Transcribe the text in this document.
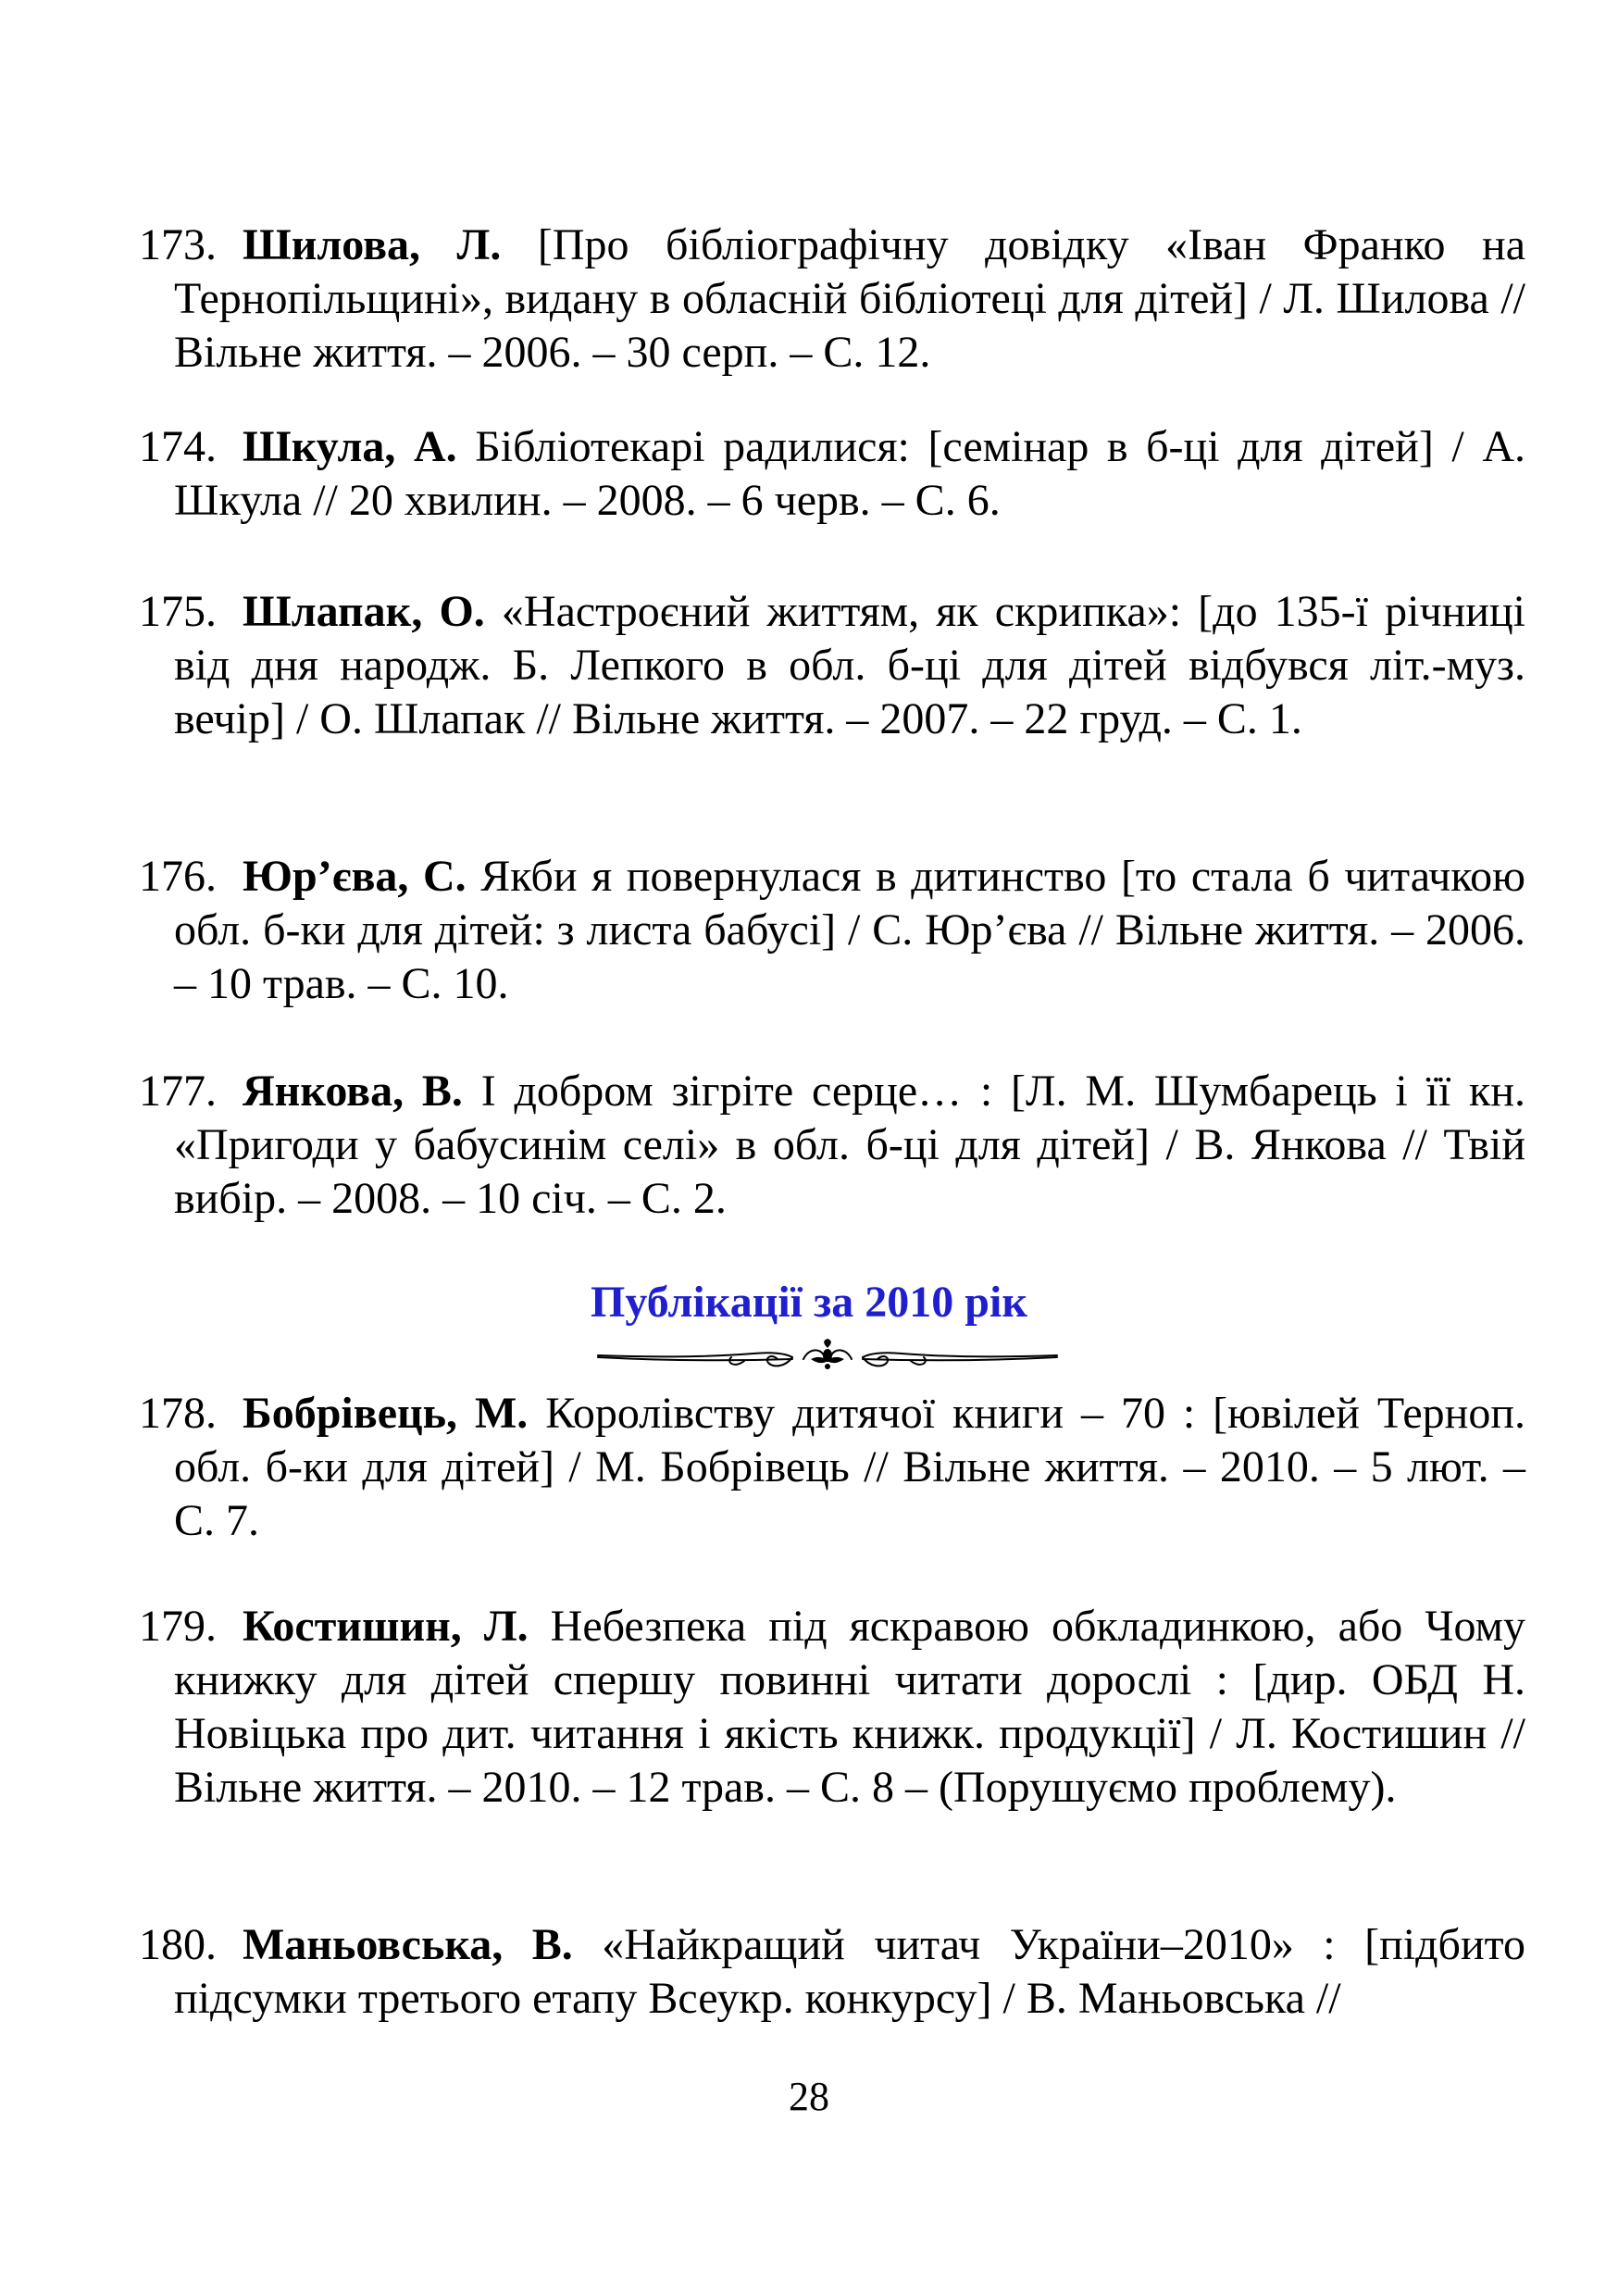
173. Шилова, Л. [Про бібліографічну довідку «Іван Франко на Тернопільщині», видану в обласній бібліотеці для дітей] / Л. Шилова // Вільне життя. – 2006. – 30 серп. – С. 12.

174. Шкула, А. Бібліотекарі радилися: [семінар в б-ці для дітей] / А. Шкула // 20 хвилин. – 2008. – 6 черв. – С. 6.

175. Шлапак, О. «Настроєний життям, як скрипка»: [до 135-ї річниці від дня народж. Б. Лепкого в обл. б-ці для дітей відбувся літ.-муз. вечір] / О. Шлапак // Вільне життя. – 2007. – 22 груд. – С. 1.

176. Юр’єва, С. Якби я повернулася в дитинство [то стала б читачкою обл. б-ки для дітей: з листа бабусі] / С. Юр’єва // Вільне життя. – 2006. – 10 трав. – С. 10.

177. Янкова, В. І добром зігріте серце… : [Л. М. Шумбарець і її кн. «Пригоди у бабусинім селі» в обл. б-ці для дітей] / В. Янкова // Твій вибір. – 2008. – 10 січ. – С. 2.

Публікації за 2010 рік

178. Бобрівець, М. Королівству дитячої книги – 70 : [ювілей Терноп. обл. б-ки для дітей] / М. Бобрівець // Вільне життя. – 2010. – 5 лют. – С. 7.

179. Костишин, Л. Небезпека під яскравою обкладинкою, або Чому книжку для дітей спершу повинні читати дорослі : [дир. ОБД Н. Новіцька про дит. читання і якість книжк. продукції] / Л. Костишин // Вільне життя. – 2010. – 12 трав. – С. 8 – (Порушуємо проблему).

180. Маньовська, В. «Найкращий читач України–2010» : [підбито підсумки третього етапу Всеукр. конкурсу] / В. Маньовська //

28
